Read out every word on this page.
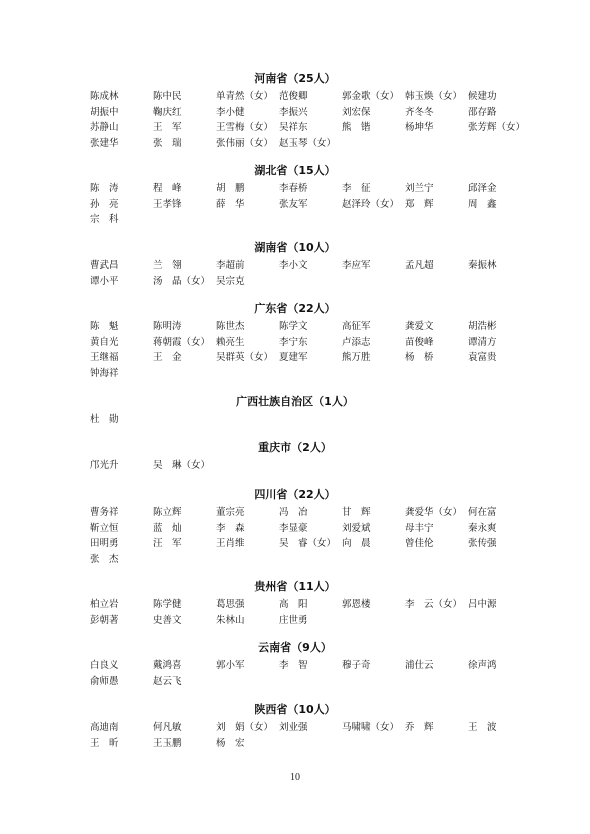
河南省（25人）
陈成林	陈中民	单青然（女） 范俊卿	郭金歌（女） 韩玉焕（女） 候建功
胡振中	鞠庆红	李小健	李振兴	刘宏保	齐冬冬	邵存路
苏静山	王　军	王雪梅（女） 吴祥东	熊　锴	杨坤华	张芳辉（女）
张建华	张　瑞	张伟丽（女） 赵玉琴（女）
湖北省（15人）
陈　涛	程　峰	胡　鹏	李春桥	李　征	刘兰宁	邱泽金
孙　亮	王孝锋	薛　华	张友军	赵泽玲（女） 郑　辉	周　鑫
宗　科
湖南省（10人）
曹武昌	兰　翎	李超前	李小文	李应军	孟凡超	秦振林
谭小平	汤　晶（女） 吴宗克
广东省（22人）
陈　魁	陈明涛	陈世杰	陈学文	高征军	龚爱文	胡浩彬
黄自光	蒋朝霞（女） 赖亮生	李宁东	卢添志	苗俊峰	谭清方
王继福	王　金	吴群英（女） 夏建军	熊万胜	杨　桥	袁富贵
钟海祥
广西壮族自治区（1人）
杜　勋
重庆市（2人）
邝光升	吴　琳（女）
四川省（22人）
曹务祥	陈立辉	董宗亮	冯　冶	甘　辉	龚爱华（女） 何在富
靳立恒	蓝　灿	李　森	李显豪	刘爱斌	母丰宁	秦永爽
田明勇	汪　军	王肖维	吴　睿（女） 向　晨	曾佳伦	张传强
张　杰
贵州省（11人）
柏立岩	陈学健	葛思强	高　阳	郭恩楼	李　云（女） 吕中源
彭朝著	史善文	朱林山	庄世勇
云南省（9人）
白良义	戴鸿喜	郭小军	李　智	穆子奇	浦仕云	徐声鸿
俞师愚	赵云飞
陕西省（10人）
高迪南	何凡敏	刘　娟（女） 刘业强	马啸啸（女） 乔　辉	王　波
王　昕	王玉鹏	杨　宏
10
